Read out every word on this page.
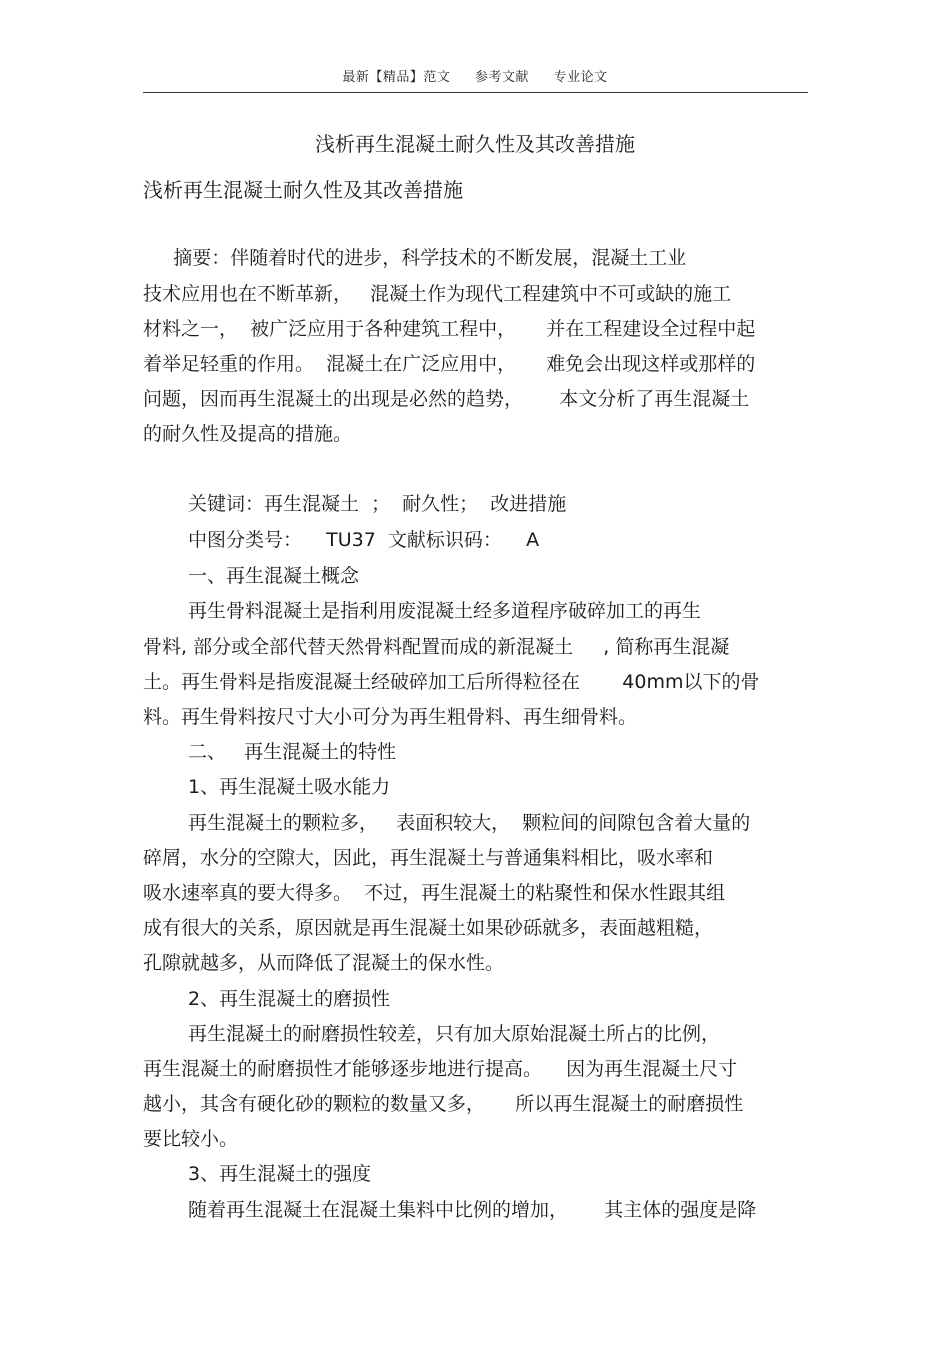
最新【精品】范文 参考文献 专业论文
浅析再生混凝土耐久性及其改善措施
浅析再生混凝土耐久性及其改善措施
摘要：伴随着时代的进步，科学技术的不断发展，混凝土工业
技术应用也在不断革新，   混凝土作为现代工程建筑中不可或缺的施工
材料之一，  被广泛应用于各种建筑工程中，     并在工程建设全过程中起
着举足轻重的作用。  混凝土在广泛应用中，     难免会出现这样或那样的
问题，因而再生混凝土的出现是必然的趋势，      本文分析了再生混凝土
的耐久性及提高的措施。
关键词：再生混凝土  ；  耐久性；  改进措施
中图分类号：    TU37  文献标识码：    A
一、再生混凝土概念
再生骨料混凝土是指利用废混凝土经多道程序破碎加工的再生
骨料, 部分或全部代替天然骨料配置而成的新混凝土     , 简称再生混凝
土。再生骨料是指废混凝土经破碎加工后所得粒径在       40mm以下的骨
料。再生骨料按尺寸大小可分为再生粗骨料、再生细骨料。
二、   再生混凝土的特性
1、再生混凝土吸水能力
再生混凝土的颗粒多，   表面积较大，  颗粒间的间隙包含着大量的
碎屑，水分的空隙大，因此，再生混凝土与普通集料相比，吸水率和
吸水速率真的要大得多。  不过，再生混凝土的粘聚性和保水性跟其组
成有很大的关系，原因就是再生混凝土如果砂砾就多，表面越粗糙，
孔隙就越多，从而降低了混凝土的保水性。
2、再生混凝土的磨损性
再生混凝土的耐磨损性较差，只有加大原始混凝土所占的比例，
再生混凝土的耐磨损性才能够逐步地进行提高。    因为再生混凝土尺寸
越小，其含有硬化砂的颗粒的数量又多，     所以再生混凝土的耐磨损性
要比较小。
3、再生混凝土的强度
随着再生混凝土在混凝土集料中比例的增加，      其主体的强度是降
